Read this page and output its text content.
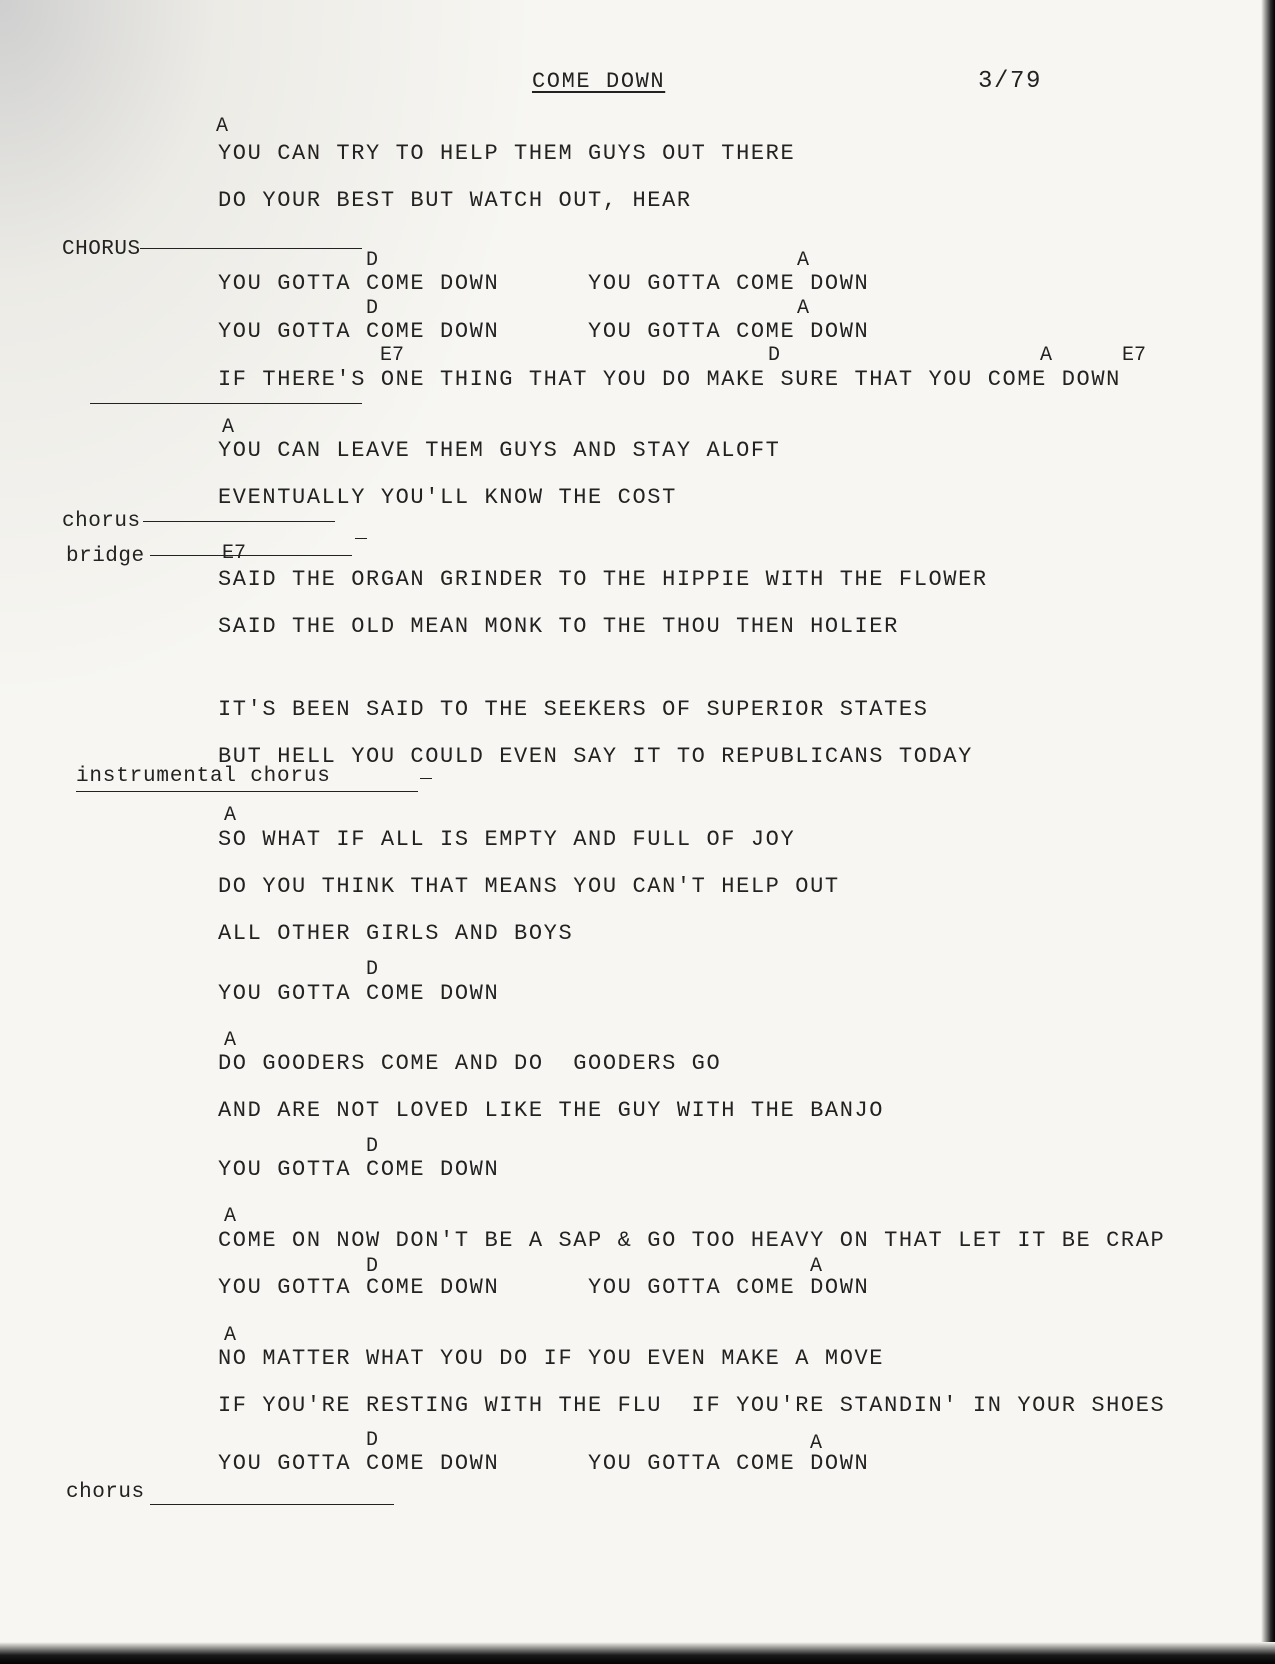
COME DOWN	3/79
A
YOU CAN TRY TO HELP THEM GUYS OUT THERE
DO YOUR BEST BUT WATCH OUT, HEAR
CHORUS	D	A
YOU GOTTA COME DOWN      YOU GOTTA COME DOWN
D	A
YOU GOTTA COME DOWN      YOU GOTTA COME DOWN
E7	D	A	E7
IF THERE'S ONE THING THAT YOU DO MAKE SURE THAT YOU COME DOWN
A
YOU CAN LEAVE THEM GUYS AND STAY ALOFT
EVENTUALLY YOU'LL KNOW THE COST
chorus
bridge	E7
SAID THE ORGAN GRINDER TO THE HIPPIE WITH THE FLOWER
SAID THE OLD MEAN MONK TO THE THOU THEN HOLIER
IT'S BEEN SAID TO THE SEEKERS OF SUPERIOR STATES
BUT HELL YOU COULD EVEN SAY IT TO REPUBLICANS TODAY
instrumental chorus
A
SO WHAT IF ALL IS EMPTY AND FULL OF JOY
DO YOU THINK THAT MEANS YOU CAN'T HELP OUT
ALL OTHER GIRLS AND BOYS
D
YOU GOTTA COME DOWN
A
DO GOODERS COME AND DO  GOODERS GO
AND ARE NOT LOVED LIKE THE GUY WITH THE BANJO
D
YOU GOTTA COME DOWN
A
COME ON NOW DON'T BE A SAP & GO TOO HEAVY ON THAT LET IT BE CRAP
D	A
YOU GOTTA COME DOWN      YOU GOTTA COME DOWN
A
NO MATTER WHAT YOU DO IF YOU EVEN MAKE A MOVE
IF YOU'RE RESTING WITH THE FLU  IF YOU'RE STANDIN' IN YOUR SHOES
D	A
YOU GOTTA COME DOWN      YOU GOTTA COME DOWN
chorus
